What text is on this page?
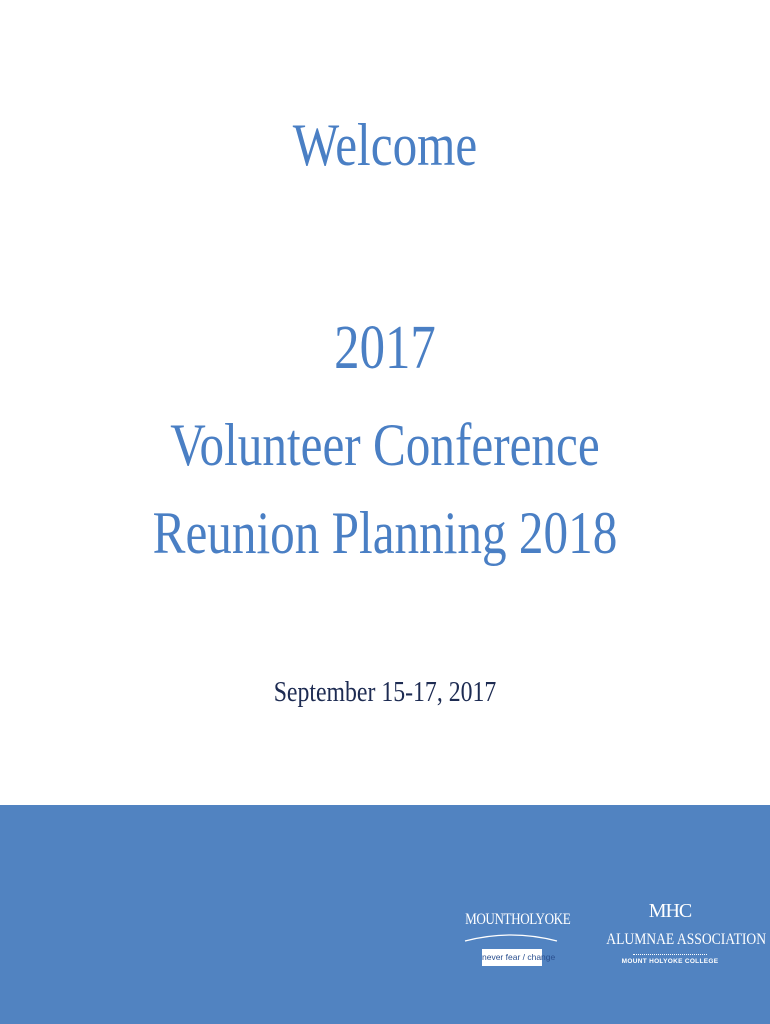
Welcome
2017
Volunteer Conference
Reunion Planning 2018
September 15-17, 2017
MOUNTHOLYOKE
never fear / change
MHC
ALUMNAE ASSOCIATION
MOUNT HOLYOKE COLLEGE
